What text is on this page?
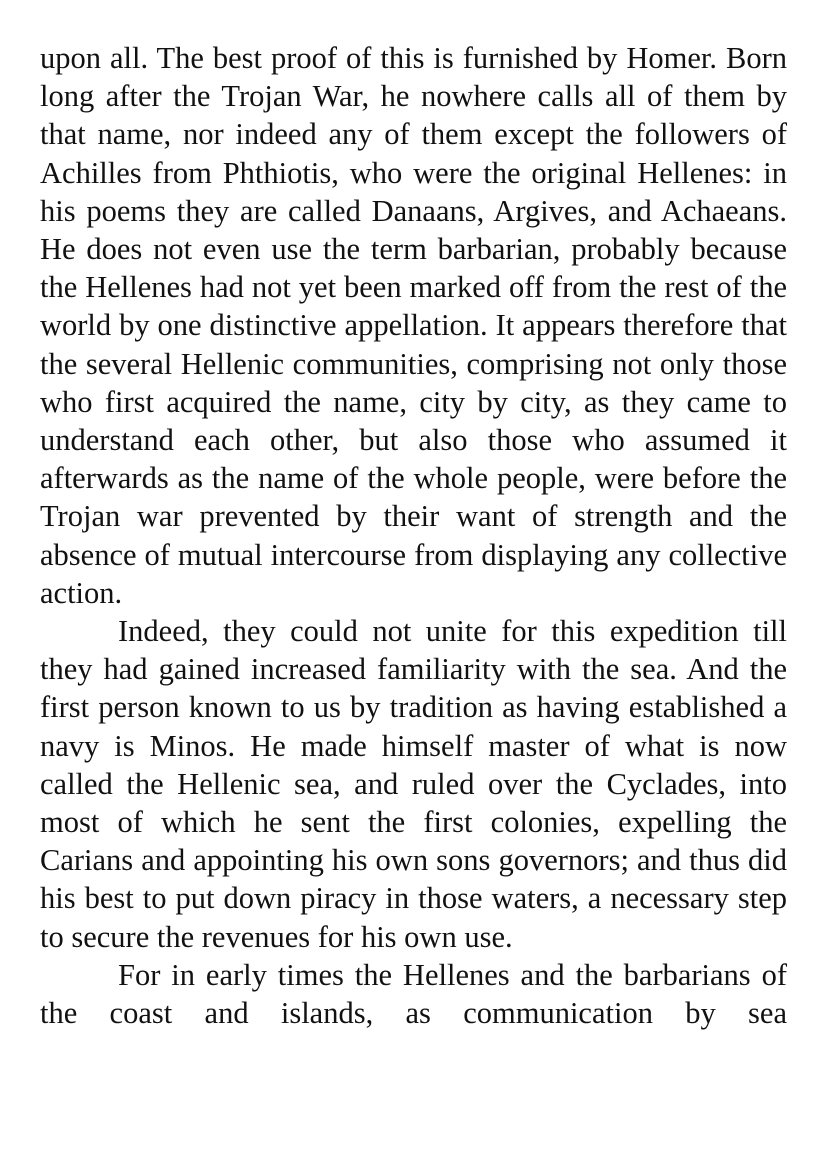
upon all. The best proof of this is furnished by Homer. Born long after the Trojan War, he nowhere calls all of them by that name, nor indeed any of them except the followers of Achilles from Phthiotis, who were the original Hellenes: in his poems they are called Danaans, Argives, and Achaeans. He does not even use the term barbarian, probably because the Hellenes had not yet been marked off from the rest of the world by one distinctive appellation. It appears therefore that the several Hellenic communities, comprising not only those who first acquired the name, city by city, as they came to understand each other, but also those who assumed it afterwards as the name of the whole people, were before the Trojan war prevented by their want of strength and the absence of mutual intercourse from displaying any collective action.

Indeed, they could not unite for this expedition till they had gained increased familiarity with the sea. And the first person known to us by tradition as having established a navy is Minos. He made himself master of what is now called the Hellenic sea, and ruled over the Cyclades, into most of which he sent the first colonies, expelling the Carians and appointing his own sons governors; and thus did his best to put down piracy in those waters, a necessary step to secure the revenues for his own use.

For in early times the Hellenes and the barbarians of the coast and islands, as communication by sea
